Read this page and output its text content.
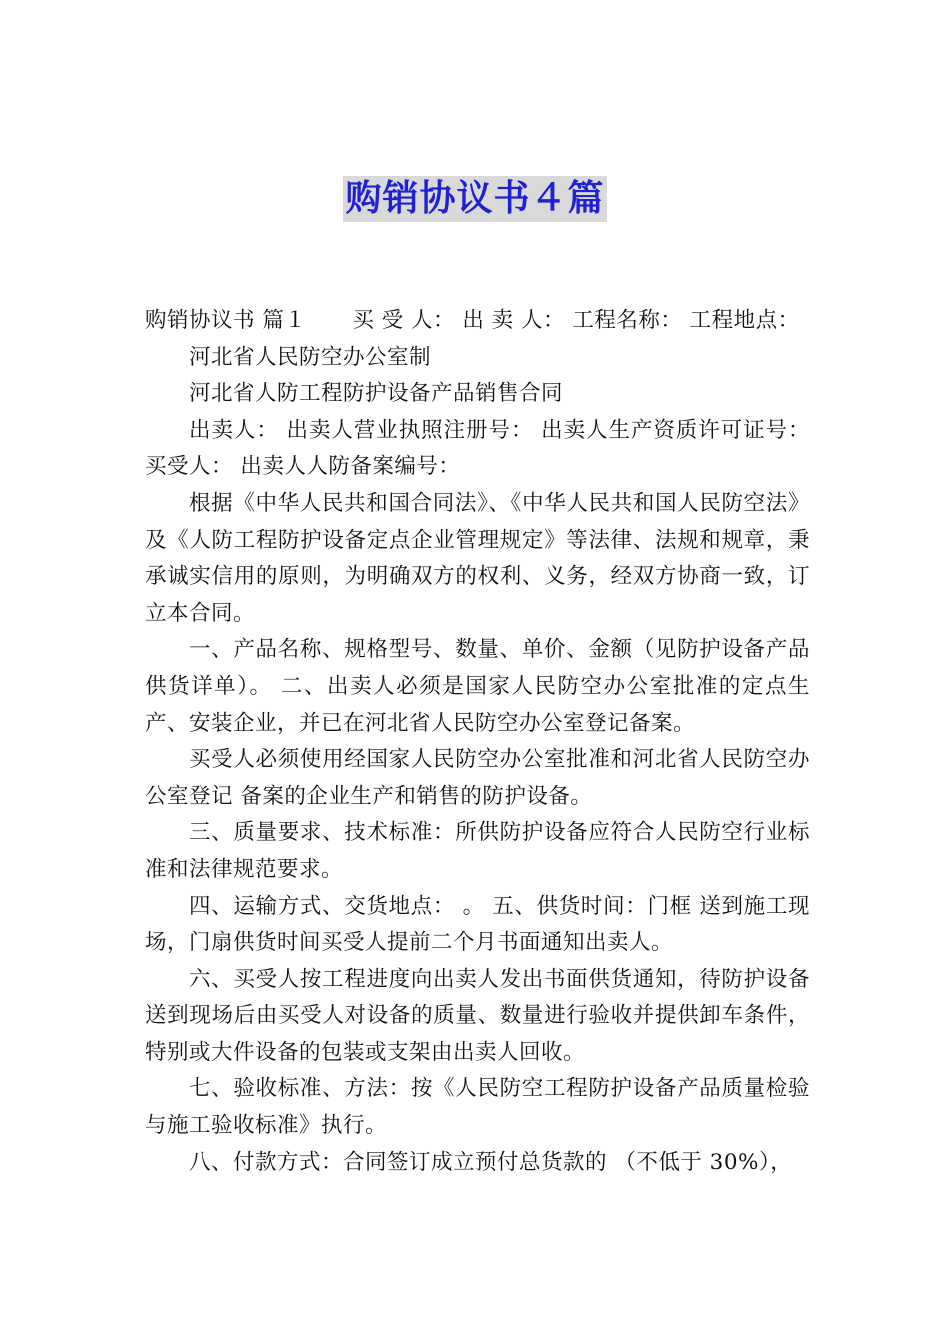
购销协议书４篇

购销协议书 篇１ 买 受 人： 出 卖 人： 工程名称： 工程地点：

河北省人民防空办公室制

河北省人防工程防护设备产品销售合同

出卖人： 出卖人营业执照注册号： 出卖人生产资质许可证号： 买受人： 出卖人人防备案编号：

根据《中华人民共和国合同法》、《中华人民共和国人民防空法》及《人防工程防护设备定点企业管理规定》等法律、法规和规章，秉承诚实信用的原则，为明确双方的权利、义务，经双方协商一致，订立本合同。

一、产品名称、规格型号、数量、单价、金额（见防护设备产品供货详单）。 二、出卖人必须是国家人民防空办公室批准的定点生产、安装企业，并已在河北省人民防空办公室登记备案。

买受人必须使用经国家人民防空办公室批准和河北省人民防空办公室登记 备案的企业生产和销售的防护设备。

三、质量要求、技术标准：所供防护设备应符合人民防空行业标准和法律规范要求。

四、运输方式、交货地点： 。 五、供货时间：门框 送到施工现场，门扇供货时间买受人提前二个月书面通知出卖人。

六、买受人按工程进度向出卖人发出书面供货通知，待防护设备送到现场后由买受人对设备的质量、数量进行验收并提供卸车条件，特别或大件设备的包装或支架由出卖人回收。

七、验收标准、方法：按《人民防空工程防护设备产品质量检验与施工验收标准》执行。

八、付款方式：合同签订成立预付总货款的 （不低于 30%），
